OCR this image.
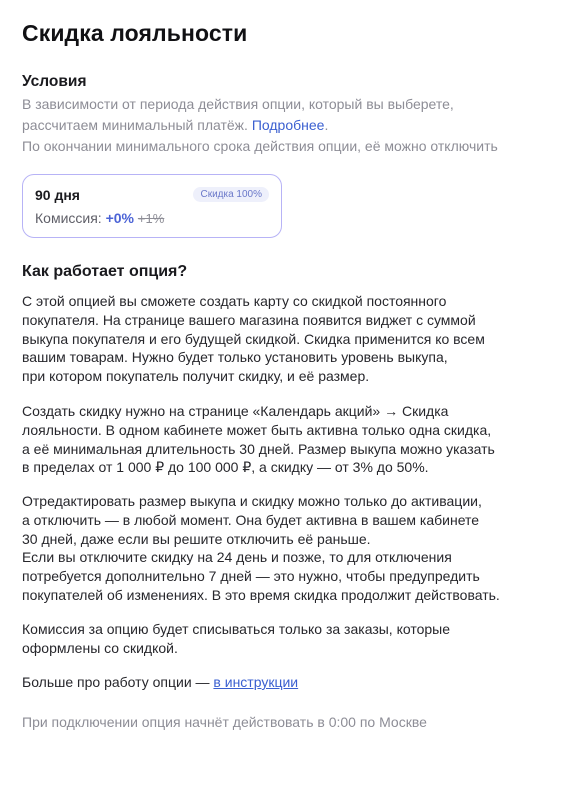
Скидка лояльности
Условия
В зависимости от периода действия опции, который вы выберете,
рассчитаем минимальный платёж. Подробнее.
По окончании минимального срока действия опции, её можно отключить
90 дня	Скидка 100%
Комиссия: +0% +1%
Как работает опция?
С этой опцией вы сможете создать карту со скидкой постоянного
покупателя. На странице вашего магазина появится виджет с суммой
выкупа покупателя и его будущей скидкой. Скидка применится ко всем
вашим товарам. Нужно будет только установить уровень выкупа,
при котором покупатель получит скидку, и её размер.
Создать скидку нужно на странице «Календарь акций» → Скидка
лояльности. В одном кабинете может быть активна только одна скидка,
а её минимальная длительность 30 дней. Размер выкупа можно указать
в пределах от 1 000 ₽ до 100 000 ₽, а скидку — от 3% до 50%.
Отредактировать размер выкупа и скидку можно только до активации,
а отключить — в любой момент. Она будет активна в вашем кабинете
30 дней, даже если вы решите отключить её раньше.
Если вы отключите скидку на 24 день и позже, то для отключения
потребуется дополнительно 7 дней — это нужно, чтобы предупредить
покупателей об изменениях. В это время скидка продолжит действовать.
Комиссия за опцию будет списываться только за заказы, которые
оформлены со скидкой.
Больше про работу опции — в инструкции
При подключении опция начнёт действовать в 0:00 по Москве
